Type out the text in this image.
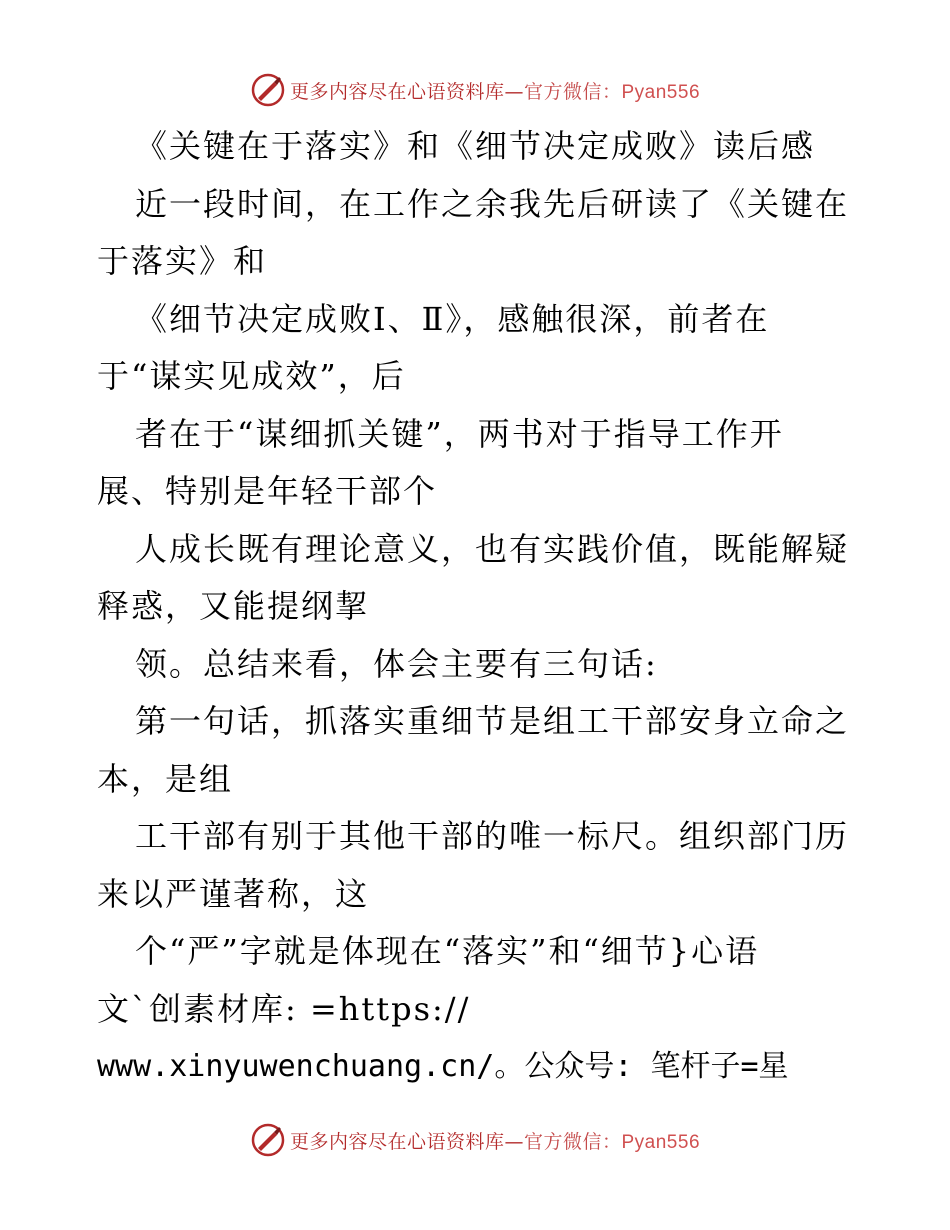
更多内容尽在心语资料库—官方微信：Pyan556
《关键在于落实》和《细节决定成败》读后感
近一段时间，在工作之余我先后研读了《关键在
于落实》和
《细节决定成败Ⅰ、Ⅱ》，感触很深，前者在
于“谋实见成效”，后
者在于“谋细抓关键”，两书对于指导工作开
展、特别是年轻干部个
人成长既有理论意义，也有实践价值，既能解疑
释惑，又能提纲挈
领。总结来看，体会主要有三句话:
第一句话，抓落实重细节是组工干部安身立命之
本，是组
工干部有别于其他干部的唯一标尺。组织部门历
来以严谨著称，这
个“严”字就是体现在“落实”和“细节}心语
文`创素材库: =https://
www.xinyuwenchuang.cn/。公众号: 笔杆子=星
更多内容尽在心语资料库—官方微信：Pyan556
